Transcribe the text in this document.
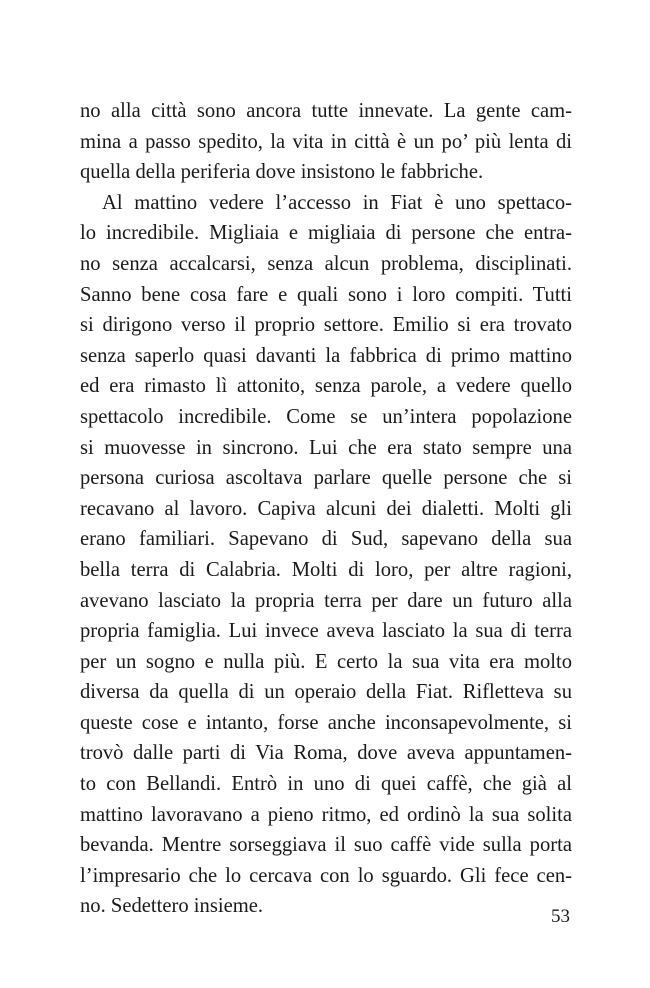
no alla città sono ancora tutte innevate. La gente cam-
mina a passo spedito, la vita in città è un po’ più lenta di
quella della periferia dove insistono le fabbriche.
Al mattino vedere l’accesso in Fiat è uno spettaco-
lo incredibile. Migliaia e migliaia di persone che entra-
no senza accalcarsi, senza alcun problema, disciplinati.
Sanno bene cosa fare e quali sono i loro compiti. Tutti
si dirigono verso il proprio settore. Emilio si era trovato
senza saperlo quasi davanti la fabbrica di primo mattino
ed era rimasto lì attonito, senza parole, a vedere quello
spettacolo incredibile. Come se un’intera popolazione
si muovesse in sincrono. Lui che era stato sempre una
persona curiosa ascoltava parlare quelle persone che si
recavano al lavoro. Capiva alcuni dei dialetti. Molti gli
erano familiari. Sapevano di Sud, sapevano della sua
bella terra di Calabria. Molti di loro, per altre ragioni,
avevano lasciato la propria terra per dare un futuro alla
propria famiglia. Lui invece aveva lasciato la sua di terra
per un sogno e nulla più. E certo la sua vita era molto
diversa da quella di un operaio della Fiat. Rifletteva su
queste cose e intanto, forse anche inconsapevolmente, si
trovò dalle parti di Via Roma, dove aveva appuntamen-
to con Bellandi. Entrò in uno di quei caffè, che già al
mattino lavoravano a pieno ritmo, ed ordinò la sua solita
bevanda. Mentre sorseggiava il suo caffè vide sulla porta
l’impresario che lo cercava con lo sguardo. Gli fece cen-
no. Sedettero insieme.	53
